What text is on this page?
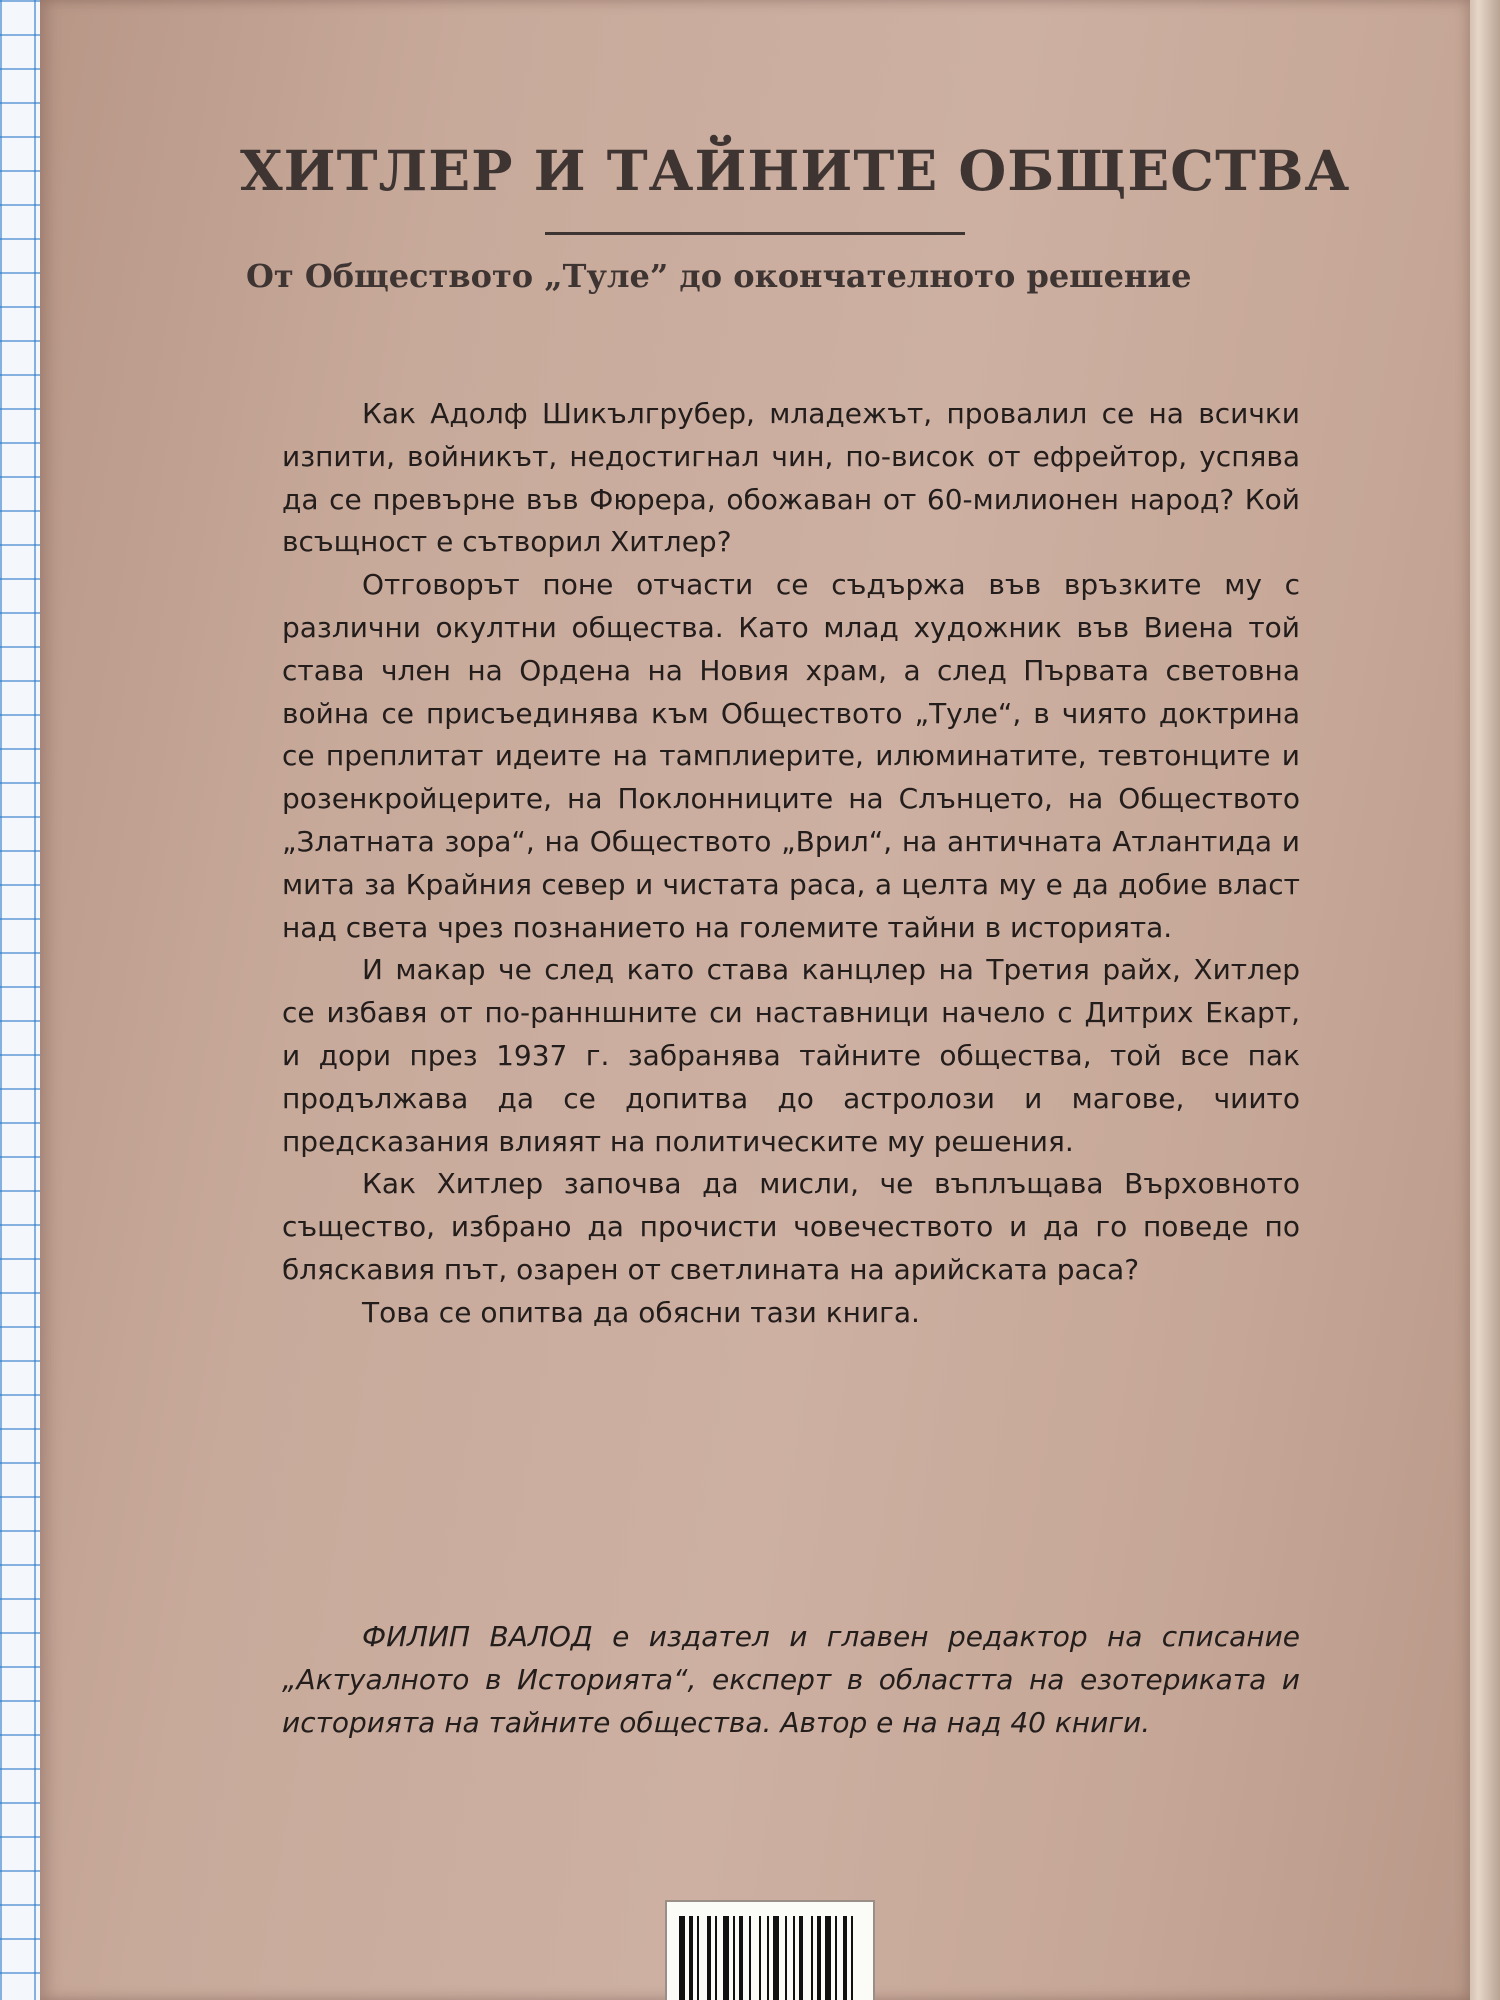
ХИТЛЕР И ТАЙНИТЕ ОБЩЕСТВА
От Обществото „Туле” до окончателното решение

Как Адолф Шикългрубер, младежът, провалил се на всички изпити, войникът, недостигнал чин, по-висок от ефрейтор, успява да се превърне във Фюрера, обожаван от 60-милионен народ? Кой всъщност е сътворил Хитлер?

Отговорът поне отчасти се съдържа във връзките му с различни окултни общества. Като млад художник във Виена той става член на Ордена на Новия храм, а след Първата световна война се присъединява към Обществото „Туле“, в чиято доктрина се преплитат идеите на тамплиерите, илюминатите, тевтонците и розенкройцерите, на Поклонниците на Слънцето, на Обществото „Златната зора“, на Обществото „Врил“, на античната Атлантида и мита за Крайния север и чистата раса, а целта му е да добие власт над света чрез познанието на големите тайни в историята.

И макар че след като става канцлер на Третия райх, Хитлер се избавя от по-ранншните си наставници начело с Дитрих Екарт, и дори през 1937 г. забранява тайните общества, той все пак продължава да се допитва до астролози и магове, чиито предсказания влияят на политическите му решения.

Как Хитлер започва да мисли, че въплъщава Върховното същество, избрано да прочисти човечеството и да го поведе по бляскавия път, озарен от светлината на арийската раса?

Това се опитва да обясни тази книга.

ФИЛИП ВАЛОД е издател и главен редактор на списание „Актуалното в Историята“, експерт в областта на езотериката и историята на тайните общества. Автор е на над 40 книги.
